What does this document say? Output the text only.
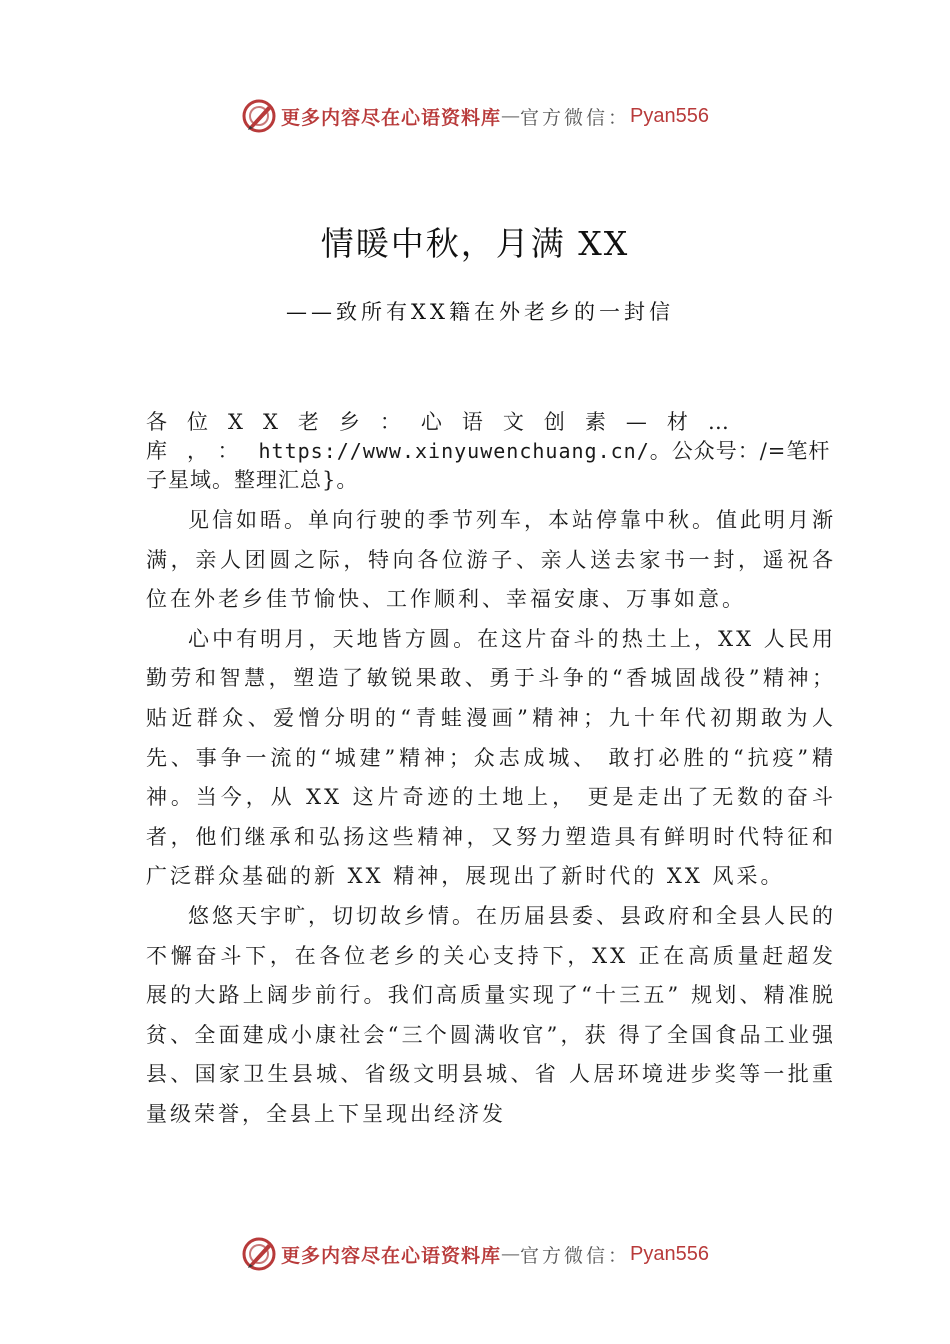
更多内容尽在心语资料库 — 官方微信： Pyan556
情暖中秋，月满 XX
——致所有XX籍在外老乡的一封信

各位XX老乡：心语文创素—材…库，：https://www.xinyuwenchuang.cn/。公众号：/=笔杆子星域。整理汇总}。

见信如晤。单向行驶的季节列车，本站停靠中秋。值此明月渐满，亲人团圆之际，特向各位游子、亲人送去家书一封，遥祝各位在外老乡佳节愉快、工作顺利、幸福安康、万事如意。

心中有明月，天地皆方圆。在这片奋斗的热土上，XX 人民用勤劳和智慧，塑造了敏锐果敢、勇于斗争的“香城固战役”精神；贴近群众、爱憎分明的“青蛙漫画”精神；九十年代初期敢为人先、事争一流的“城建”精神；众志成城、 敢打必胜的“抗疫”精神。当今，从 XX 这片奇迹的土地上， 更是走出了无数的奋斗者，他们继承和弘扬这些精神，又努力塑造具有鲜明时代特征和广泛群众基础的新 XX 精神，展现出了新时代的 XX 风采。

悠悠天宇旷，切切故乡情。在历届县委、县政府和全县人民的不懈奋斗下，在各位老乡的关心支持下，XX 正在高质量赶超发展的大路上阔步前行。我们高质量实现了“十三五” 规划、精准脱贫、全面建成小康社会“三个圆满收官”，获 得了全国食品工业强县、国家卫生县城、省级文明县城、省 人居环境进步奖等一批重量级荣誉，全县上下呈现出经济发

更多内容尽在心语资料库 — 官方微信： Pyan556
